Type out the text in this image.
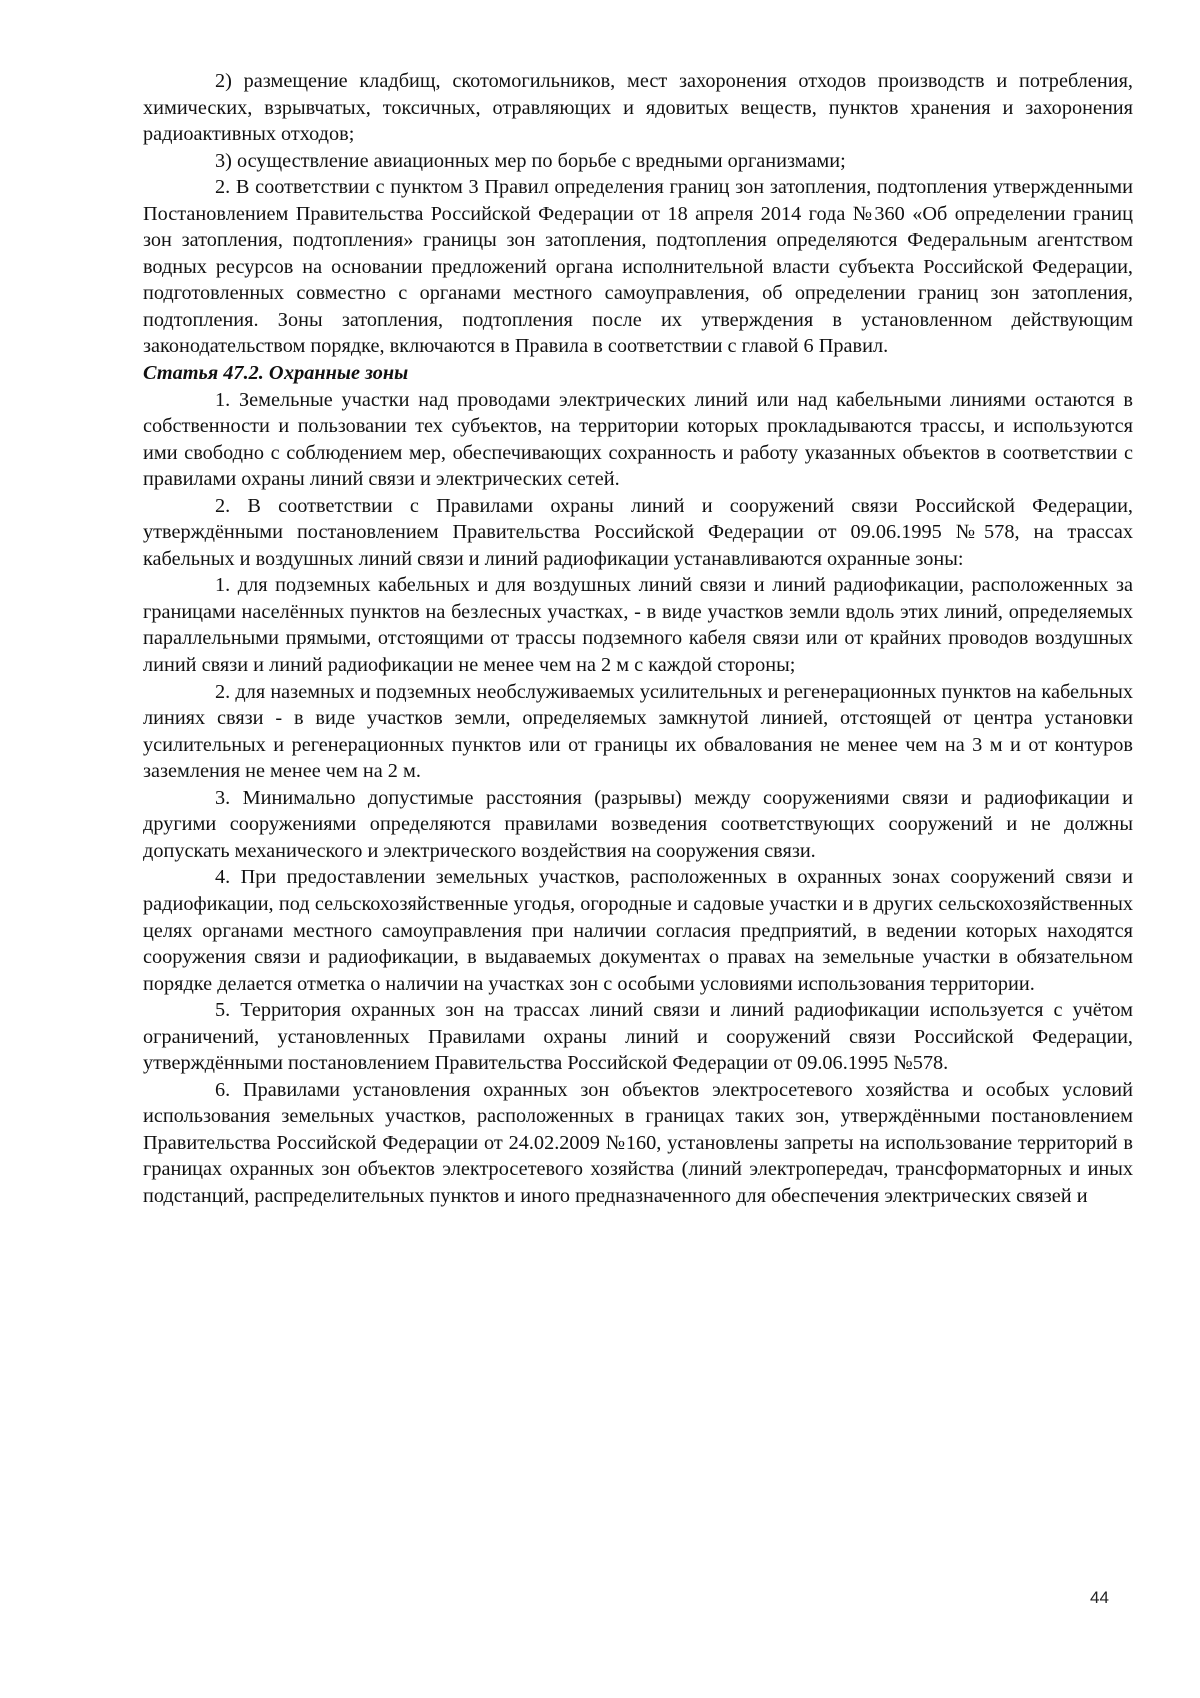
2) размещение кладбищ, скотомогильников, мест захоронения отходов производств и потребления, химических, взрывчатых, токсичных, отравляющих и ядовитых веществ, пунктов хранения и захоронения радиоактивных отходов;

3) осуществление авиационных мер по борьбе с вредными организмами;

2. В соответствии с пунктом 3 Правил определения границ зон затопления, подтопления утвержденными Постановлением Правительства Российской Федерации от 18 апреля 2014 года №360 «Об определении границ зон затопления, подтопления» границы зон затопления, подтопления определяются Федеральным агентством водных ресурсов на основании предложений органа исполнительной власти субъекта Российской Федерации, подготовленных совместно с органами местного самоуправления, об определении границ зон затопления, подтопления. Зоны затопления, подтопления после их утверждения в установленном действующим законодательством порядке, включаются в Правила в соответствии с главой 6 Правил.

Статья 47.2. Охранные зоны

1. Земельные участки над проводами электрических линий или над кабельными линиями остаются в собственности и пользовании тех субъектов, на территории которых прокладываются трассы, и используются ими свободно с соблюдением мер, обеспечивающих сохранность и работу указанных объектов в соответствии с правилами охраны линий связи и электрических сетей.

2. В соответствии с Правилами охраны линий и сооружений связи Российской Федерации, утверждёнными постановлением Правительства Российской Федерации от 09.06.1995 №578, на трассах кабельных и воздушных линий связи и линий радиофикации устанавливаются охранные зоны:

1. для подземных кабельных и для воздушных линий связи и линий радиофикации, расположенных за границами населённых пунктов на безлесных участках, - в виде участков земли вдоль этих линий, определяемых параллельными прямыми, отстоящими от трассы подземного кабеля связи или от крайних проводов воздушных линий связи и линий радиофикации не менее чем на 2 м с каждой стороны;

2. для наземных и подземных необслуживаемых усилительных и регенерационных пунктов на кабельных линиях связи - в виде участков земли, определяемых замкнутой линией, отстоящей от центра установки усилительных и регенерационных пунктов или от границы их обвалования не менее чем на 3 м и от контуров заземления не менее чем на 2 м.

3. Минимально допустимые расстояния (разрывы) между сооружениями связи и радиофикации и другими сооружениями определяются правилами возведения соответствующих сооружений и не должны допускать механического и электрического воздействия на сооружения связи.

4. При предоставлении земельных участков, расположенных в охранных зонах сооружений связи и радиофикации, под сельскохозяйственные угодья, огородные и садовые участки и в других сельскохозяйственных целях органами местного самоуправления при наличии согласия предприятий, в ведении которых находятся сооружения связи и радиофикации, в выдаваемых документах о правах на земельные участки в обязательном порядке делается отметка о наличии на участках зон с особыми условиями использования территории.

5. Территория охранных зон на трассах линий связи и линий радиофикации используется с учётом ограничений, установленных Правилами охраны линий и сооружений связи Российской Федерации, утверждёнными постановлением Правительства Российской Федерации от 09.06.1995 №578.

6. Правилами установления охранных зон объектов электросетевого хозяйства и особых условий использования земельных участков, расположенных в границах таких зон, утверждёнными постановлением Правительства Российской Федерации от 24.02.2009 №160, установлены запреты на использование территорий в границах охранных зон объектов электросетевого хозяйства (линий электропередач, трансформаторных и иных подстанций, распределительных пунктов и иного предназначенного для обеспечения электрических связей и

44
